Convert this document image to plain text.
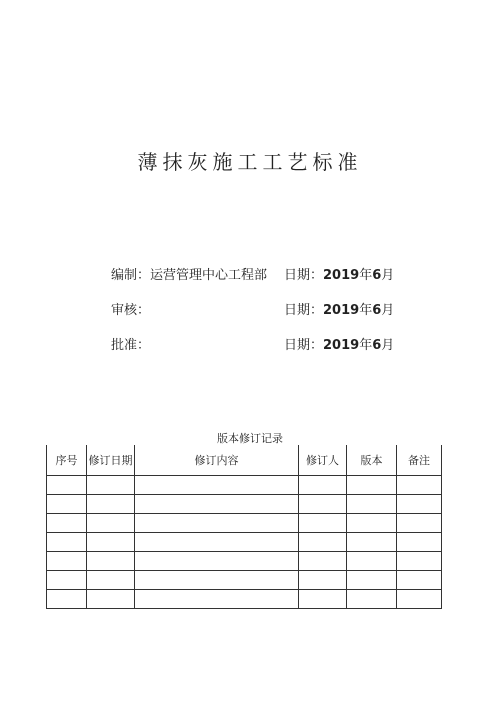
薄抹灰施工工艺标准
编制：运营管理中心工程部 日期：2019年6月
审核：	日期：2019年6月
批准：	日期：2019年6月
版本修订记录
序号	修订日期	修订内容	修订人	版本	备注
